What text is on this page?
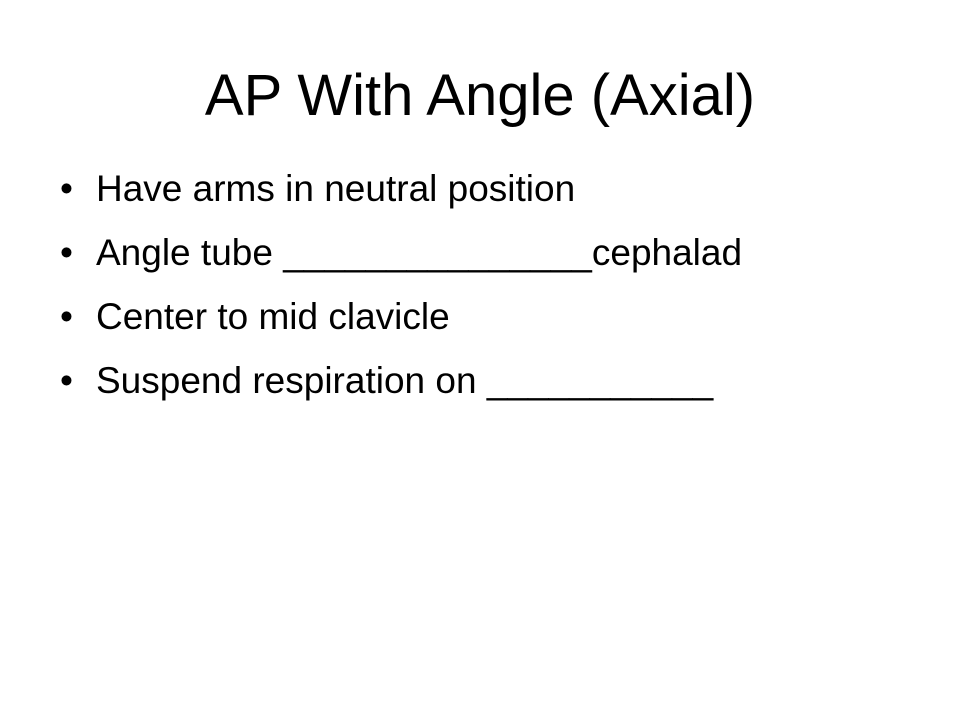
AP With Angle (Axial)
• Have arms in neutral position
• Angle tube _______________cephalad
• Center to mid clavicle
• Suspend respiration on ___________
